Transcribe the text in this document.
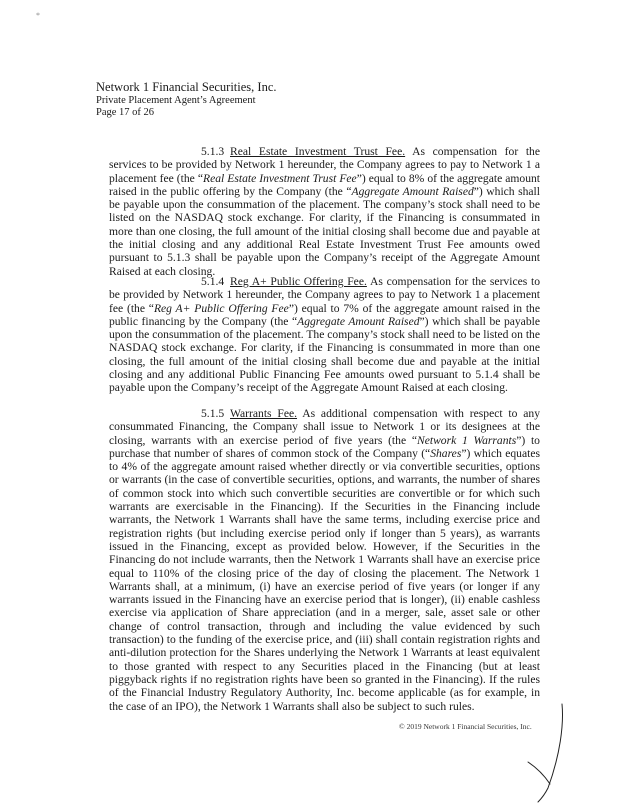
*
Network 1 Financial Securities, Inc.
Private Placement Agent’s Agreement
Page 17 of 26

5.1.3 Real Estate Investment Trust Fee. As compensation for the services to be provided by Network 1 hereunder, the Company agrees to pay to Network 1 a placement fee (the “Real Estate Investment Trust Fee”) equal to 8% of the aggregate amount raised in the public offering by the Company (the “Aggregate Amount Raised”) which shall be payable upon the consummation of the placement. The company’s stock shall need to be listed on the NASDAQ stock exchange. For clarity, if the Financing is consummated in more than one closing, the full amount of the initial closing shall become due and payable at the initial closing and any additional Real Estate Investment Trust Fee amounts owed pursuant to 5.1.3 shall be payable upon the Company’s receipt of the Aggregate Amount Raised at each closing.

5.1.4 Reg A+ Public Offering Fee. As compensation for the services to be provided by Network 1 hereunder, the Company agrees to pay to Network 1 a placement fee (the “Reg A+ Public Offering Fee”) equal to 7% of the aggregate amount raised in the public financing by the Company (the “Aggregate Amount Raised”) which shall be payable upon the consummation of the placement. The company’s stock shall need to be listed on the NASDAQ stock exchange. For clarity, if the Financing is consummated in more than one closing, the full amount of the initial closing shall become due and payable at the initial closing and any additional Public Financing Fee amounts owed pursuant to 5.1.4 shall be payable upon the Company’s receipt of the Aggregate Amount Raised at each closing.

5.1.5 Warrants Fee. As additional compensation with respect to any consummated Financing, the Company shall issue to Network 1 or its designees at the closing, warrants with an exercise period of five years (the “Network 1 Warrants”) to purchase that number of shares of common stock of the Company (“Shares”) which equates to 4% of the aggregate amount raised whether directly or via convertible securities, options or warrants (in the case of convertible securities, options, and warrants, the number of shares of common stock into which such convertible securities are convertible or for which such warrants are exercisable in the Financing). If the Securities in the Financing include warrants, the Network 1 Warrants shall have the same terms, including exercise price and registration rights (but including exercise period only if longer than 5 years), as warrants issued in the Financing, except as provided below. However, if the Securities in the Financing do not include warrants, then the Network 1 Warrants shall have an exercise price equal to 110% of the closing price of the day of closing the placement. The Network 1 Warrants shall, at a minimum, (i) have an exercise period of five years (or longer if any warrants issued in the Financing have an exercise period that is longer), (ii) enable cashless exercise via application of Share appreciation (and in a merger, sale, asset sale or other change of control transaction, through and including the value evidenced by such transaction) to the funding of the exercise price, and (iii) shall contain registration rights and anti-dilution protection for the Shares underlying the Network 1 Warrants at least equivalent to those granted with respect to any Securities placed in the Financing (but at least piggyback rights if no registration rights have been so granted in the Financing). If the rules of the Financial Industry Regulatory Authority, Inc. become applicable (as for example, in the case of an IPO), the Network 1 Warrants shall also be subject to such rules.

© 2019 Network 1 Financial Securities, Inc.
